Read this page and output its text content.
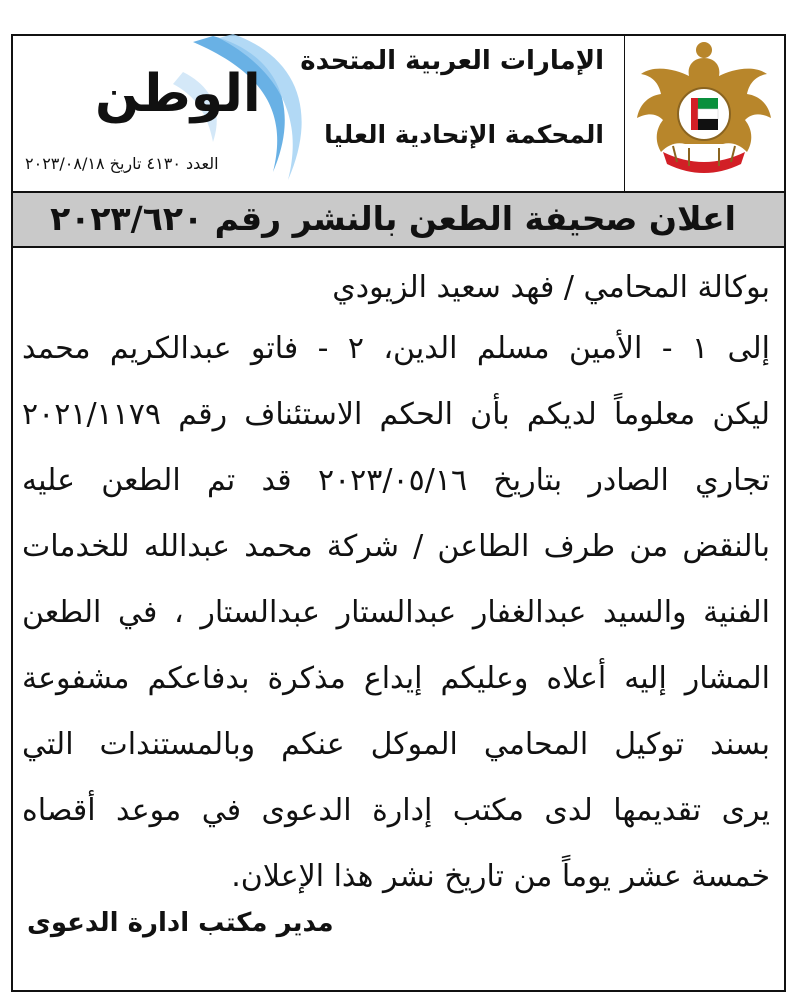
الوطن
العدد ٤١٣٠ تاريخ ٢٠٢٣/٠٨/١٨
الإمارات العربية المتحدة
المحكمة الإتحادية العليا
اعلان صحيفة الطعن بالنشر رقم ٢٠٢٣/٦٢٠
بوكالة المحامي / فهد سعيد الزيودي
إلى ١ - الأمين مسلم الدين، ٢ - فاتو عبدالكريم محمد
ليكن معلوماً لديكم بأن الحكم الاستئناف رقم ٢٠٢١/١١٧٩
تجاري الصادر بتاريخ ٢٠٢٣/٠٥/١٦ قد تم الطعن عليه
بالنقض من طرف الطاعن / شركة محمد عبدالله للخدمات
الفنية والسيد عبدالغفار عبدالستار عبدالستار ، في الطعن
المشار إليه أعلاه وعليكم إيداع مذكرة بدفاعكم مشفوعة
بسند توكيل المحامي الموكل عنكم وبالمستندات التي
يرى تقديمها لدى مكتب إدارة الدعوى في موعد أقصاه
خمسة عشر يوماً من تاريخ نشر هذا الإعلان.
مدير مكتب ادارة الدعوى
